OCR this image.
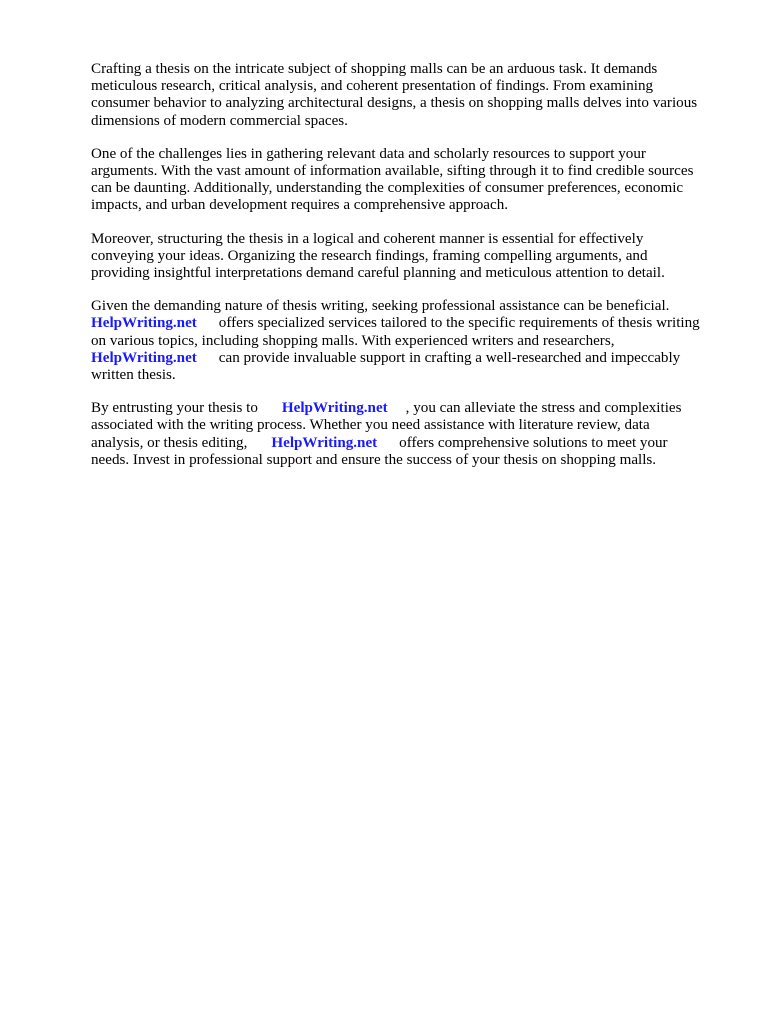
Crafting a thesis on the intricate subject of shopping malls can be an arduous task. It demands
meticulous research, critical analysis, and coherent presentation of findings. From examining
consumer behavior to analyzing architectural designs, a thesis on shopping malls delves into various
dimensions of modern commercial spaces.

One of the challenges lies in gathering relevant data and scholarly resources to support your
arguments. With the vast amount of information available, sifting through it to find credible sources
can be daunting. Additionally, understanding the complexities of consumer preferences, economic
impacts, and urban development requires a comprehensive approach.

Moreover, structuring the thesis in a logical and coherent manner is essential for effectively
conveying your ideas. Organizing the research findings, framing compelling arguments, and
providing insightful interpretations demand careful planning and meticulous attention to detail.

Given the demanding nature of thesis writing, seeking professional assistance can be beneficial.
HelpWriting.net offers specialized services tailored to the specific requirements of thesis writing
on various topics, including shopping malls. With experienced writers and researchers,
HelpWriting.net can provide invaluable support in crafting a well-researched and impeccably
written thesis.

By entrusting your thesis to HelpWriting.net , you can alleviate the stress and complexities
associated with the writing process. Whether you need assistance with literature review, data
analysis, or thesis editing, HelpWriting.net offers comprehensive solutions to meet your
needs. Invest in professional support and ensure the success of your thesis on shopping malls.
